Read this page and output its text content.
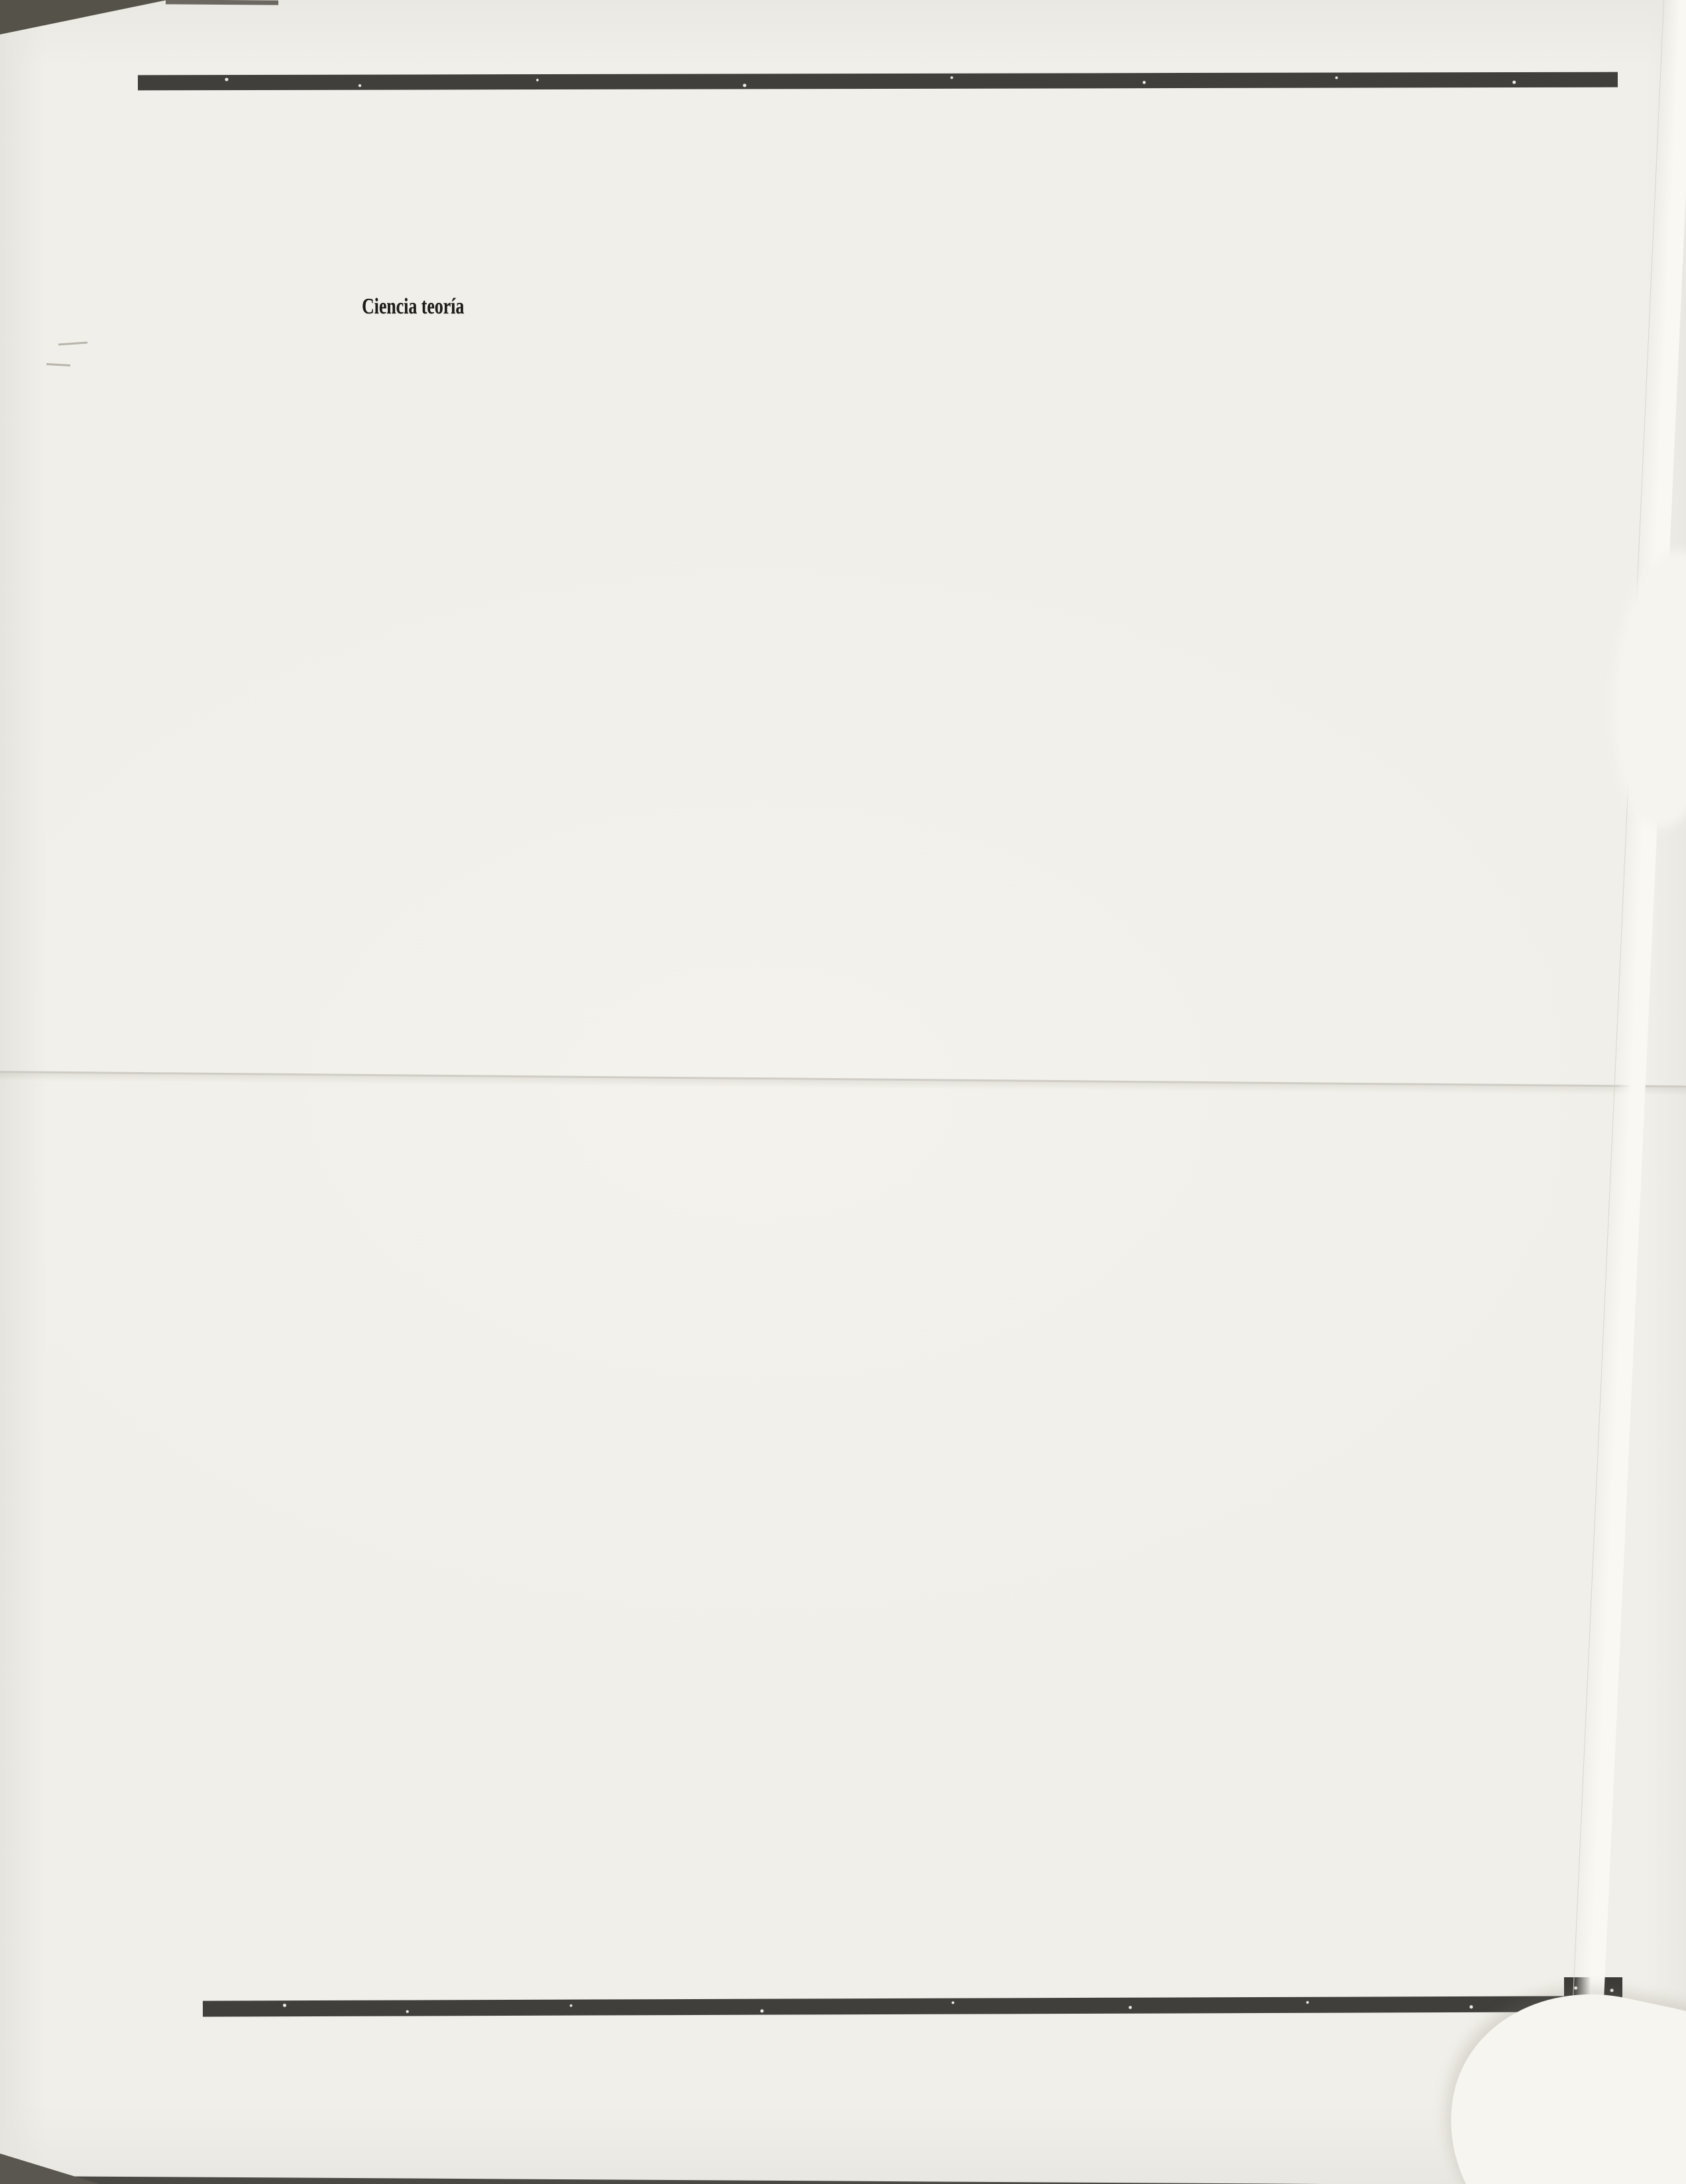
Ciencia teoría
